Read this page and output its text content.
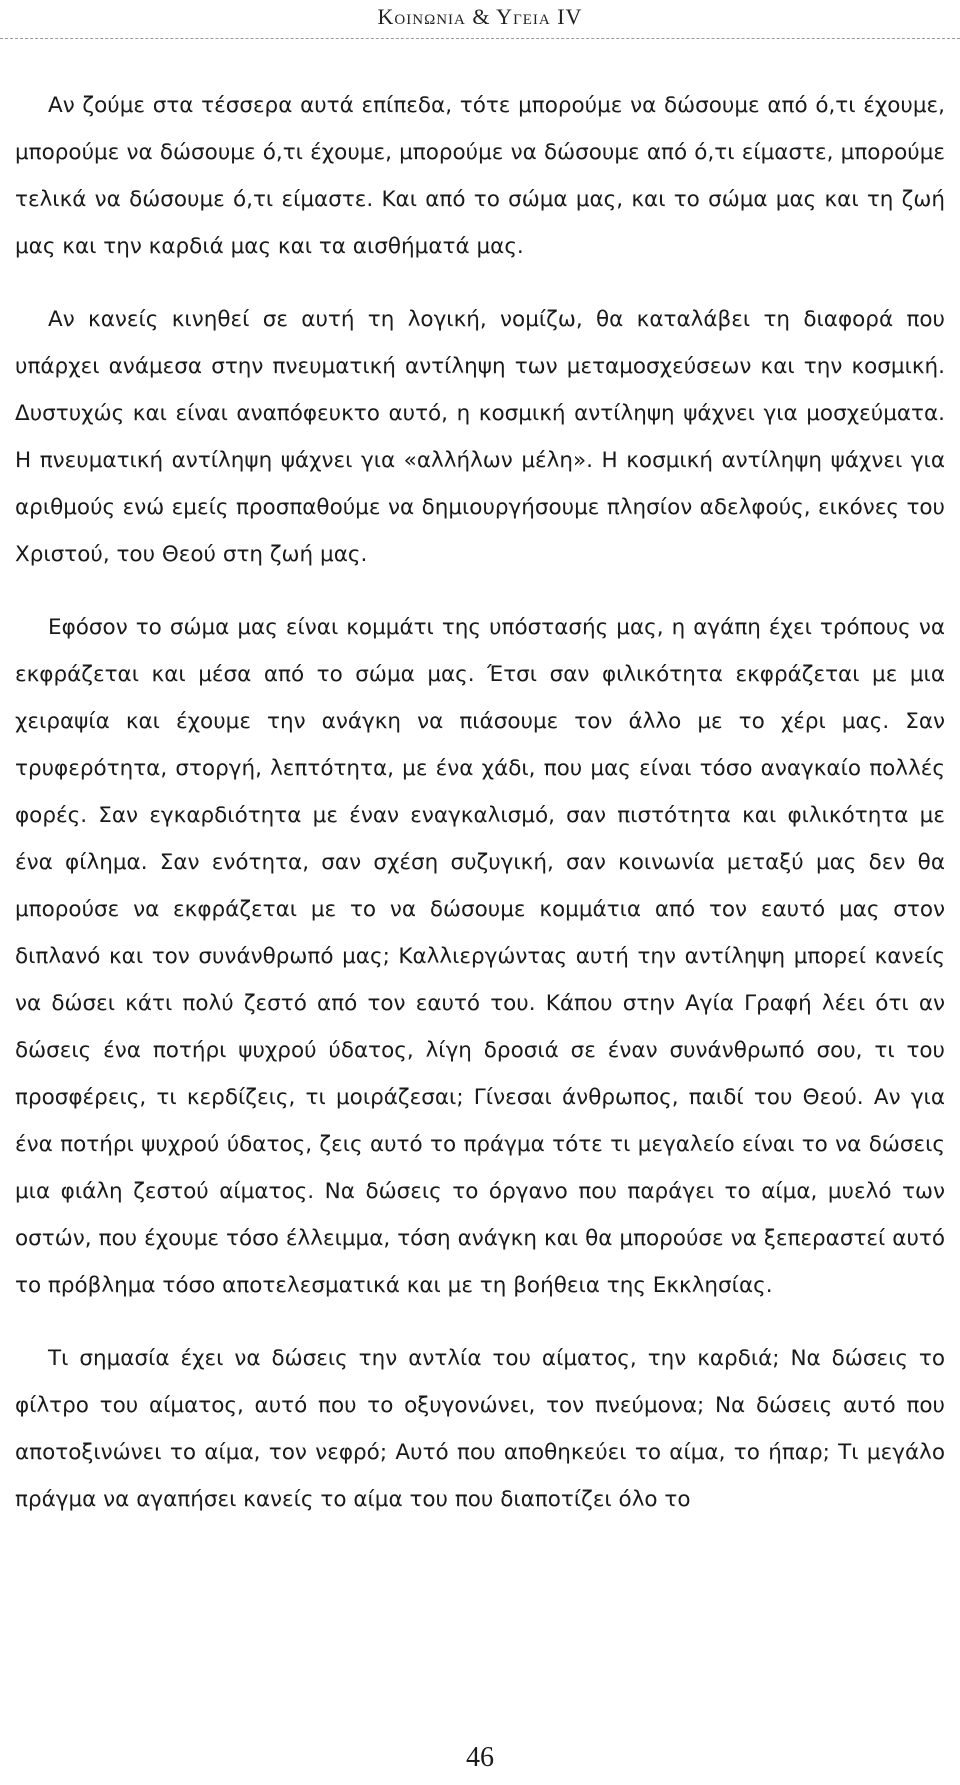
Κοινωνια & Υγεια IV

Αν ζούμε στα τέσσερα αυτά επίπεδα, τότε μπορούμε να δώσουμε από ό,τι έχουμε, μπορούμε να δώσουμε ό,τι έχουμε, μπορούμε να δώσουμε από ό,τι είμαστε, μπορούμε τελικά να δώσουμε ό,τι είμαστε. Και από το σώμα μας, και το σώμα μας και τη ζωή μας και την καρδιά μας και τα αισθήματά μας.

Αν κανείς κινηθεί σε αυτή τη λογική, νομίζω, θα καταλάβει τη διαφορά που υπάρχει ανάμεσα στην πνευματική αντίληψη των μεταμοσχεύσεων και την κοσμική. Δυστυχώς και είναι αναπόφευκτο αυτό, η κοσμική αντίληψη ψάχνει για μοσχεύματα. Η πνευματική αντίληψη ψάχνει για «αλλήλων μέλη». Η κοσμική αντίληψη ψάχνει για αριθμούς ενώ εμείς προσπαθούμε να δημιουργήσουμε πλησίον αδελφούς, εικόνες του Χριστού, του Θεού στη ζωή μας.

Εφόσον το σώμα μας είναι κομμάτι της υπόστασής μας, η αγάπη έχει τρόπους να εκφράζεται και μέσα από το σώμα μας. Έτσι σαν φιλικότητα εκφράζεται με μια χειραψία και έχουμε την ανάγκη να πιάσουμε τον άλλο με το χέρι μας. Σαν τρυφερότητα, στοργή, λεπτότητα, με ένα χάδι, που μας είναι τόσο αναγκαίο πολλές φορές. Σαν εγκαρδιότητα με έναν εναγκαλισμό, σαν πιστότητα και φιλικότητα με ένα φίλημα. Σαν ενότητα, σαν σχέση συζυγική, σαν κοινωνία μεταξύ μας δεν θα μπορούσε να εκφράζεται με το να δώσουμε κομμάτια από τον εαυτό μας στον διπλανό και τον συνάνθρωπό μας; Καλλιεργώντας αυτή την αντίληψη μπορεί κανείς να δώσει κάτι πολύ ζεστό από τον εαυτό του. Κάπου στην Αγία Γραφή λέει ότι αν δώσεις ένα ποτήρι ψυχρού ύδατος, λίγη δροσιά σε έναν συνάνθρωπό σου, τι του προσφέρεις, τι κερδίζεις, τι μοιράζεσαι; Γίνεσαι άνθρωπος, παιδί του Θεού. Αν για ένα ποτήρι ψυχρού ύδατος, ζεις αυτό το πράγμα τότε τι μεγαλείο είναι το να δώσεις μια φιάλη ζεστού αίματος. Να δώσεις το όργανο που παράγει το αίμα, μυελό των οστών, που έχουμε τόσο έλλειμμα, τόση ανάγκη και θα μπορούσε να ξεπεραστεί αυτό το πρόβλημα τόσο αποτελεσματικά και με τη βοήθεια της Εκκλησίας.

Τι σημασία έχει να δώσεις την αντλία του αίματος, την καρδιά; Να δώσεις το φίλτρο του αίματος, αυτό που το οξυγονώνει, τον πνεύμονα; Να δώσεις αυτό που αποτοξινώνει το αίμα, τον νεφρό; Αυτό που αποθηκεύει το αίμα, το ήπαρ; Τι μεγάλο πράγμα να αγαπήσει κανείς το αίμα του που διαποτίζει όλο το

46
